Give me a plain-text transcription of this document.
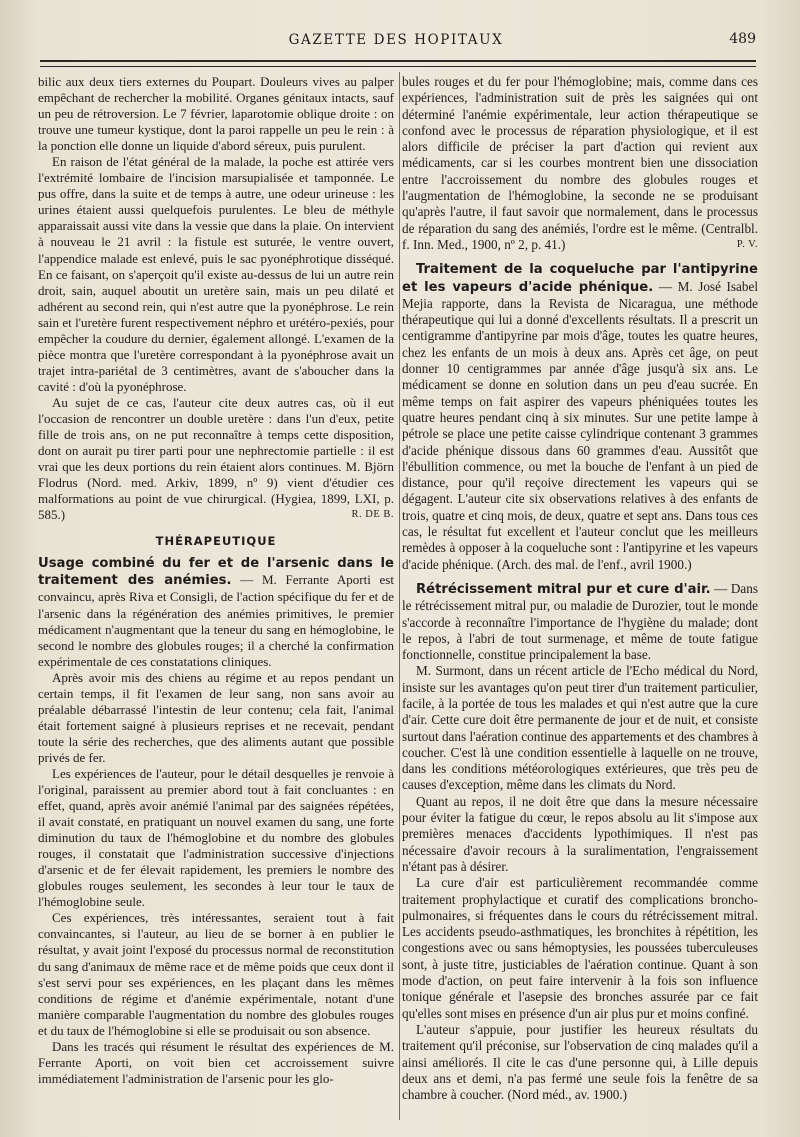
GAZETTE DES HOPITAUX	489

bilic aux deux tiers externes du Poupart. Douleurs vives au palper empêchant de rechercher la mobilité. Organes génitaux intacts, sauf un peu de rétroversion. Le 7 février, laparotomie oblique droite : on trouve une tumeur kystique, dont la paroi rappelle un peu le rein : à la ponction elle donne un liquide d'abord séreux, puis purulent.

En raison de l'état général de la malade, la poche est attirée vers l'extrémité lombaire de l'incision marsupialisée et tamponnée. Le pus offre, dans la suite et de temps à autre, une odeur urineuse : les urines étaient aussi quelquefois purulentes. Le bleu de méthyle apparaissait aussi vite dans la vessie que dans la plaie. On intervient à nouveau le 21 avril : la fistule est suturée, le ventre ouvert, l'appendice malade est enlevé, puis le sac pyonéphrotique disséqué. En ce faisant, on s'aperçoit qu'il existe au-dessus de lui un autre rein droit, sain, auquel aboutit un uretère sain, mais un peu dilaté et adhérent au second rein, qui n'est autre que la pyonéphrose. Le rein sain et l'uretère furent respectivement néphro et urétéro-pexiés, pour empêcher la coudure du dernier, également allongé. L'examen de la pièce montra que l'uretère correspondant à la pyonéphrose avait un trajet intra-pariétal de 3 centimètres, avant de s'aboucher dans la cavité : d'où la pyonéphrose.

Au sujet de ce cas, l'auteur cite deux autres cas, où il eut l'occasion de rencontrer un double uretère : dans l'un d'eux, petite fille de trois ans, on ne put reconnaître à temps cette disposition, dont on aurait pu tirer parti pour une nephrectomie partielle : il est vrai que les deux portions du rein étaient alors continues. M. Björn Flodrus (Nord. med. Arkiv, 1899, nº 9) vient d'étudier ces malformations au point de vue chirurgical. (Hygiea, 1899, LXI, p. 585.)	R. DE B.

THÉRAPEUTIQUE

Usage combiné du fer et de l'arsenic dans le traitement des anémies. — M. Ferrante Aporti est convaincu, après Riva et Consigli, de l'action spécifique du fer et de l'arsenic dans la régénération des anémies primitives, le premier médicament n'augmentant que la teneur du sang en hémoglobine, le second le nombre des globules rouges; il a cherché la confirmation expérimentale de ces constatations cliniques.

Après avoir mis des chiens au régime et au repos pendant un certain temps, il fit l'examen de leur sang, non sans avoir au préalable débarrassé l'intestin de leur contenu; cela fait, l'animal était fortement saigné à plusieurs reprises et ne recevait, pendant toute la série des recherches, que des aliments autant que possible privés de fer.

Les expériences de l'auteur, pour le détail desquelles je renvoie à l'original, paraissent au premier abord tout à fait concluantes : en effet, quand, après avoir anémié l'animal par des saignées répétées, il avait constaté, en pratiquant un nouvel examen du sang, une forte diminution du taux de l'hémoglobine et du nombre des globules rouges, il constatait que l'administration successive d'injections d'arsenic et de fer élevait rapidement, les premiers le nombre des globules rouges seulement, les secondes à leur tour le taux de l'hémoglobine seule.

Ces expériences, très intéressantes, seraient tout à fait convaincantes, si l'auteur, au lieu de se borner à en publier le résultat, y avait joint l'exposé du processus normal de reconstitution du sang d'animaux de même race et de même poids que ceux dont il s'est servi pour ses expériences, en les plaçant dans les mêmes conditions de régime et d'anémie expérimentale, notant d'une manière comparable l'augmentation du nombre des globules rouges et du taux de l'hémoglobine si elle se produisait ou son absence.

Dans les tracés qui résument le résultat des expériences de M. Ferrante Aporti, on voit bien cet accroissement suivre immédiatement l'administration de l'arsenic pour les glo-

bules rouges et du fer pour l'hémoglobine; mais, comme dans ces expériences, l'administration suit de près les saignées qui ont déterminé l'anémie expérimentale, leur action thérapeutique se confond avec le processus de réparation physiologique, et il est alors difficile de préciser la part d'action qui revient aux médicaments, car si les courbes montrent bien une dissociation entre l'accroissement du nombre des globules rouges et l'augmentation de l'hémoglobine, la seconde ne se produisant qu'après l'autre, il faut savoir que normalement, dans le processus de réparation du sang des anémiés, l'ordre est le même. (Centralbl. f. Inn. Med., 1900, nº 2, p. 41.)	P. V.

Traitement de la coqueluche par l'antipyrine et les vapeurs d'acide phénique. — M. José Isabel Mejia rapporte, dans la Revista de Nicaragua, une méthode thérapeutique qui lui a donné d'excellents résultats. Il a prescrit un centigramme d'antipyrine par mois d'âge, toutes les quatre heures, chez les enfants de un mois à deux ans. Après cet âge, on peut donner 10 centigrammes par année d'âge jusqu'à six ans. Le médicament se donne en solution dans un peu d'eau sucrée. En même temps on fait aspirer des vapeurs phéniquées toutes les quatre heures pendant cinq à six minutes. Sur une petite lampe à pétrole se place une petite caisse cylindrique contenant 3 grammes d'acide phénique dissous dans 60 grammes d'eau. Aussitôt que l'ébullition commence, ou met la bouche de l'enfant à un pied de distance, pour qu'il reçoive directement les vapeurs qui se dégagent. L'auteur cite six observations relatives à des enfants de trois, quatre et cinq mois, de deux, quatre et sept ans. Dans tous ces cas, le résultat fut excellent et l'auteur conclut que les meilleurs remèdes à opposer à la coqueluche sont : l'antipyrine et les vapeurs d'acide phénique. (Arch. des mal. de l'enf., avril 1900.)

Rétrécissement mitral pur et cure d'air. — Dans le rétrécissement mitral pur, ou maladie de Durozier, tout le monde s'accorde à reconnaître l'importance de l'hygiène du malade; dont le repos, à l'abri de tout surmenage, et même de toute fatigue fonctionnelle, constitue principalement la base.

M. Surmont, dans un récent article de l'Echo médical du Nord, insiste sur les avantages qu'on peut tirer d'un traitement particulier, facile, à la portée de tous les malades et qui n'est autre que la cure d'air. Cette cure doit être permanente de jour et de nuit, et consiste surtout dans l'aération continue des appartements et des chambres à coucher. C'est là une condition essentielle à laquelle on ne trouve, dans les conditions météorologiques extérieures, que très peu de causes d'exception, même dans les climats du Nord.

Quant au repos, il ne doit être que dans la mesure nécessaire pour éviter la fatigue du cœur, le repos absolu au lit s'impose aux premières menaces d'accidents lypothimiques. Il n'est pas nécessaire d'avoir recours à la suralimentation, l'engraissement n'étant pas à désirer.

La cure d'air est particulièrement recommandée comme traitement prophylactique et curatif des complications broncho-pulmonaires, si fréquentes dans le cours du rétrécissement mitral. Les accidents pseudo-asthmatiques, les bronchites à répétition, les congestions avec ou sans hémoptysies, les poussées tuberculeuses sont, à juste titre, justiciables de l'aération continue. Quant à son mode d'action, on peut faire intervenir à la fois son influence tonique générale et l'asepsie des bronches assurée par ce fait qu'elles sont mises en présence d'un air plus pur et moins confiné.

L'auteur s'appuie, pour justifier les heureux résultats du traitement qu'il préconise, sur l'observation de cinq malades qu'il a ainsi améliorés. Il cite le cas d'une personne qui, à Lille depuis deux ans et demi, n'a pas fermé une seule fois la fenêtre de sa chambre à coucher. (Nord méd., av. 1900.)
